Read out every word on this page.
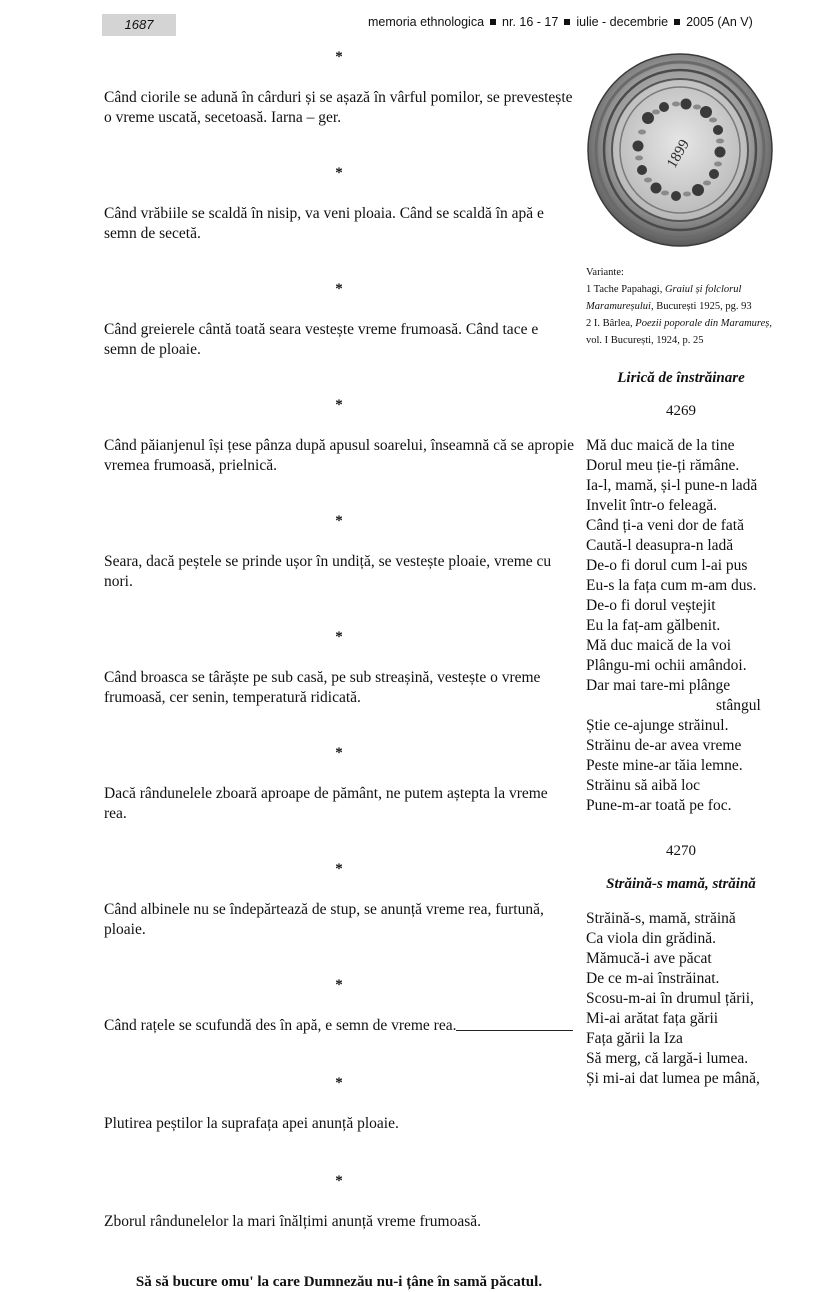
1687	memoria ethnologica nr. 16 - 17 iulie - decembrie 2005 (An V)
*
Când ciorile se adună în cârduri și se așază în vârful pomilor, se prevestește o vreme uscată, secetoasă. Iarna – ger.
*
Când vrăbiile se scaldă în nisip, va veni ploaia. Când se scaldă în apă e semn de secetă.
*
Când greierele cântă toată seara vestește vreme frumoasă. Când tace e semn de ploaie.
*
Când păianjenul își țese pânza după apusul soarelui, înseamnă că se apropie vremea frumoasă, prielnică.
*
Seara, dacă peștele se prinde ușor în undiță, se vestește ploaie, vreme cu nori.
*
Când broasca se târăște pe sub casă, pe sub streașină, vestește o vreme frumoasă, cer senin, temperatură ridicată.
*
Dacă rândunelele zboară aproape de pământ, ne putem aștepta la vreme rea.
*
Când albinele nu se îndepărtează de stup, se anunță vreme rea, furtună, ploaie.
*
Când rațele se scufundă des în apă, e semn de vreme rea.
*
Plutirea peștilor la suprafața apei anunță ploaie.
*
Zborul rândunelelor la mari înălțimi anunță vreme frumoasă.
Să să bucure omu' la care Dumnezău nu-i țâne în samă păcatul.
1899
Variante:
1 Tache Papahagi, Graiul și folclorul Maramureșului, București 1925, pg. 93
2 I. Bârlea, Poezii poporale din Maramureș, vol. I București, 1924, p. 25
Lirică de înstrăinare
4269
Mă duc maică de la tine
Dorul meu ție-ți rămâne.
Ia-l, mamă, și-l pune-n ladă
Invelit într-o feleagă.
Când ți-a veni dor de fată
Caută-l deasupra-n ladă
De-o fi dorul cum l-ai pus
Eu-s la fața cum m-am dus.
De-o fi dorul veștejit
Eu la faț-am gălbenit.
Mă duc maică de la voi
Plângu-mi ochii amândoi.
Dar mai tare-mi plânge
stângul
Știe ce-ajunge străinul.
Străinu de-ar avea vreme
Peste mine-ar tăia lemne.
Străinu să aibă loc
Pune-m-ar toată pe foc.
4270
Străină-s mamă, străină
Străină-s, mamă, străină
Ca viola din grădină.
Mămucă-i ave păcat
De ce m-ai înstrăinat.
Scosu-m-ai în drumul țării,
Mi-ai arătat fața gării
Fața gării la Iza
Să merg, că largă-i lumea.
Și mi-ai dat lumea pe mână,
